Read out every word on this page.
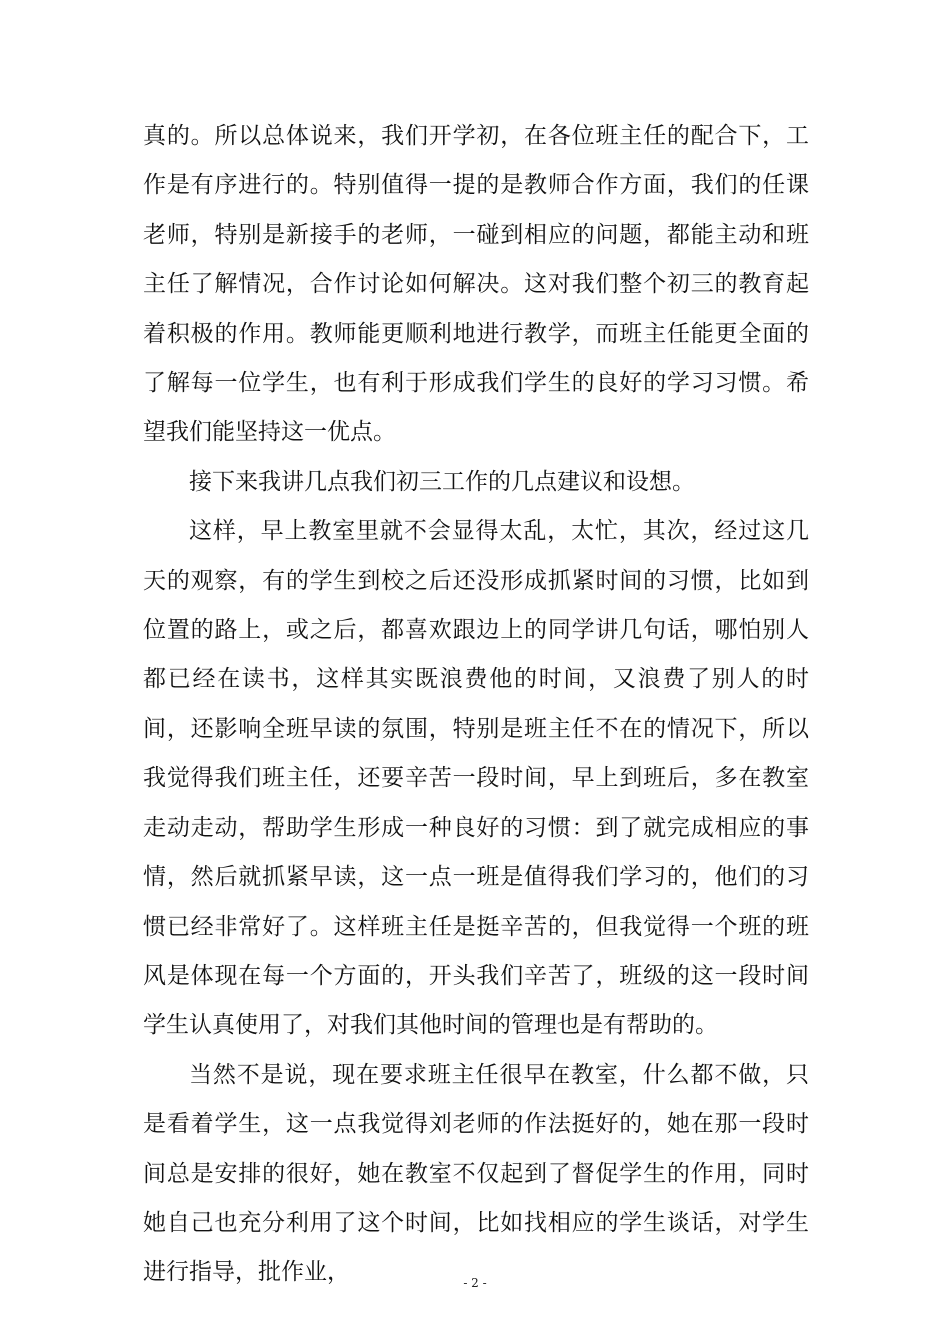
真的。所以总体说来，我们开学初，在各位班主任的配合下，工作是有序进行的。特别值得一提的是教师合作方面，我们的任课老师，特别是新接手的老师，一碰到相应的问题，都能主动和班主任了解情况，合作讨论如何解决。这对我们整个初三的教育起着积极的作用。教师能更顺利地进行教学，而班主任能更全面的了解每一位学生，也有利于形成我们学生的良好的学习习惯。希望我们能坚持这一优点。

接下来我讲几点我们初三工作的几点建议和设想。

这样，早上教室里就不会显得太乱，太忙，其次，经过这几天的观察，有的学生到校之后还没形成抓紧时间的习惯，比如到位置的路上，或之后，都喜欢跟边上的同学讲几句话，哪怕别人都已经在读书，这样其实既浪费他的时间，又浪费了别人的时间，还影响全班早读的氛围，特别是班主任不在的情况下，所以我觉得我们班主任，还要辛苦一段时间，早上到班后，多在教室走动走动，帮助学生形成一种良好的习惯：到了就完成相应的事情，然后就抓紧早读，这一点一班是值得我们学习的，他们的习惯已经非常好了。这样班主任是挺辛苦的，但我觉得一个班的班风是体现在每一个方面的，开头我们辛苦了，班级的这一段时间学生认真使用了，对我们其他时间的管理也是有帮助的。

当然不是说，现在要求班主任很早在教室，什么都不做，只是看着学生，这一点我觉得刘老师的作法挺好的，她在那一段时间总是安排的很好，她在教室不仅起到了督促学生的作用，同时她自己也充分利用了这个时间，比如找相应的学生谈话，对学生进行指导，批作业，	- 2 -
